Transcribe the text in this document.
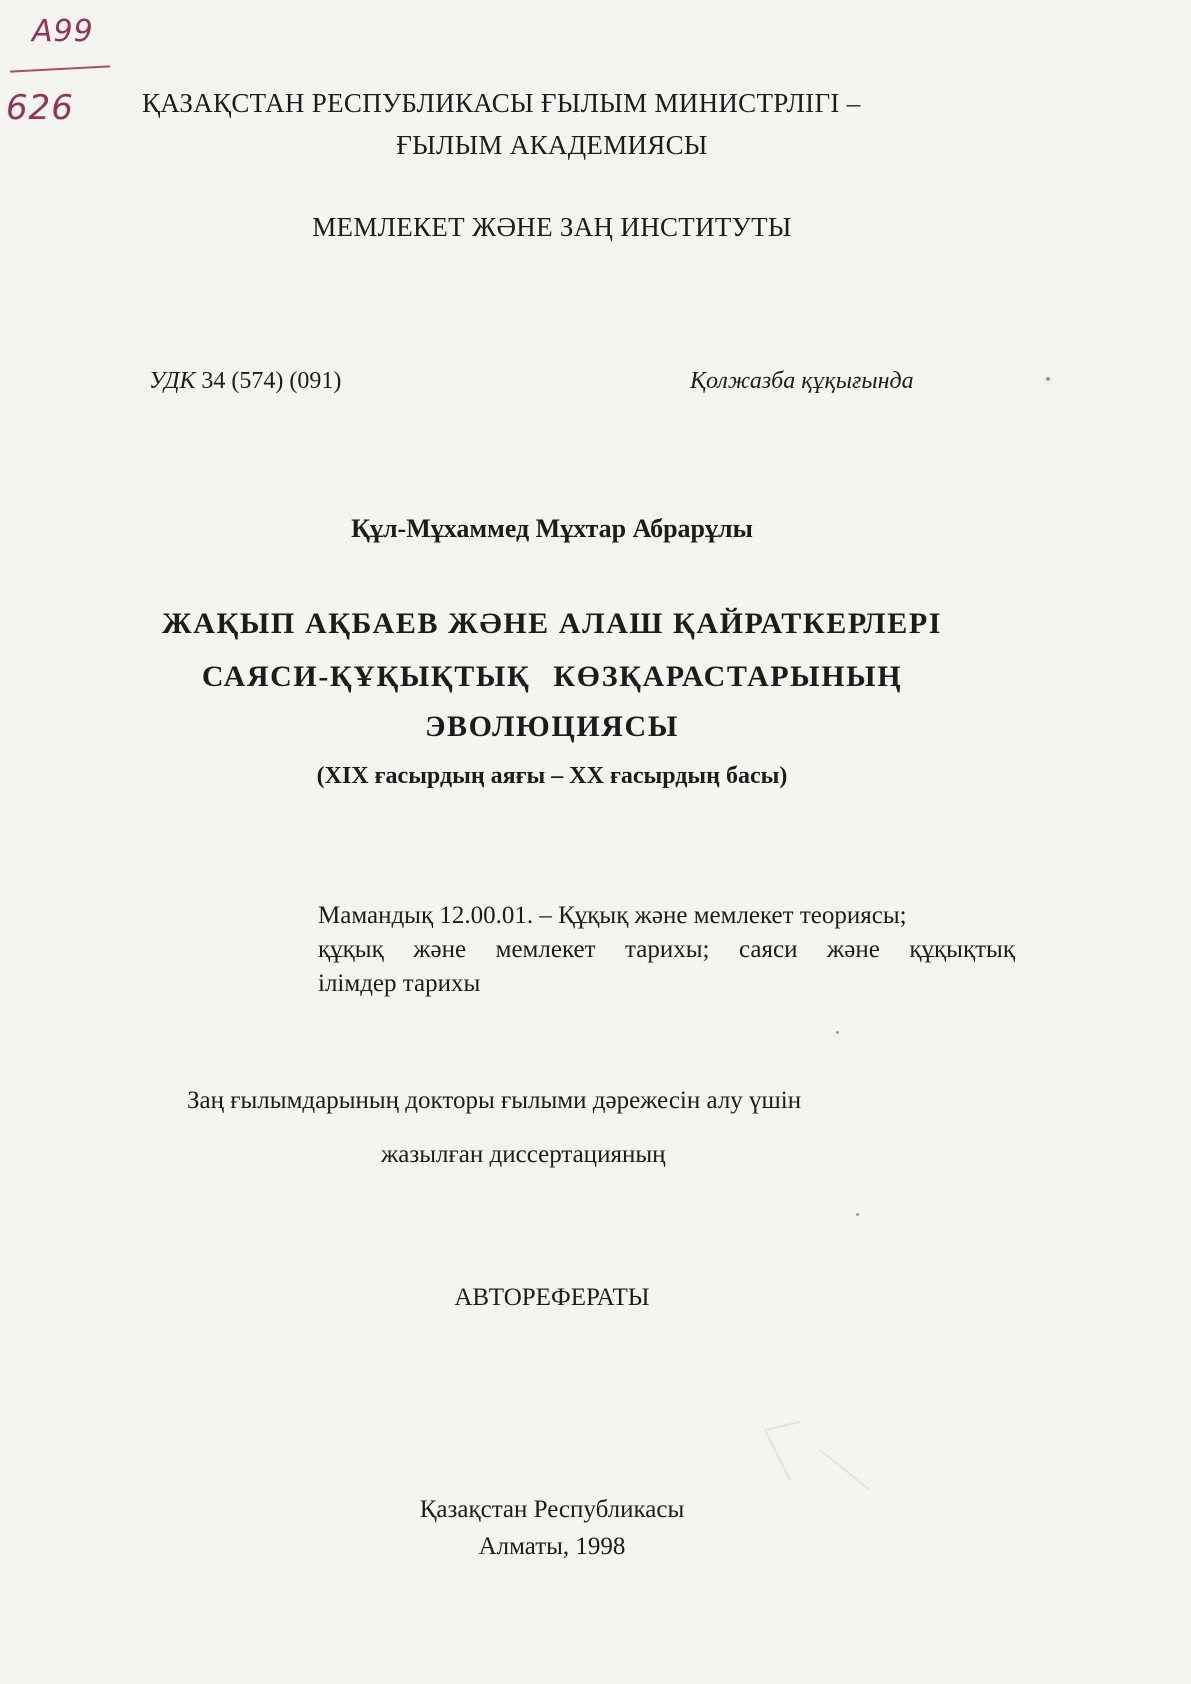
А99
626	ҚАЗАҚСТАН РЕСПУБЛИКАСЫ ҒЫЛЫМ МИНИСТРЛІГІ –
ҒЫЛЫМ АКАДЕМИЯСЫ
МЕМЛЕКЕТ ЖӘНЕ ЗАҢ ИНСТИТУТЫ
УДК 34 (574) (091)	Қолжазба құқығында
Құл-Мұхаммед Мұхтар Абрарұлы
ЖАҚЫП АҚБАЕВ ЖӘНЕ АЛАШ ҚАЙРАТКЕРЛЕРІ
САЯСИ-ҚҰҚЫҚТЫҚ КӨЗҚАРАСТАРЫНЫҢ
ЭВОЛЮЦИЯСЫ
(XIX ғасырдың аяғы – XX ғасырдың басы)
Мамандық 12.00.01. – Құқық және мемлекет теориясы;
құқық және мемлекет тарихы; саяси және құқықтық
ілімдер тарихы
Заң ғылымдарының докторы ғылыми дәрежесін алу үшін
жазылған диссертацияның
АВТОРЕФЕРАТЫ
Қазақстан Республикасы
Алматы, 1998
